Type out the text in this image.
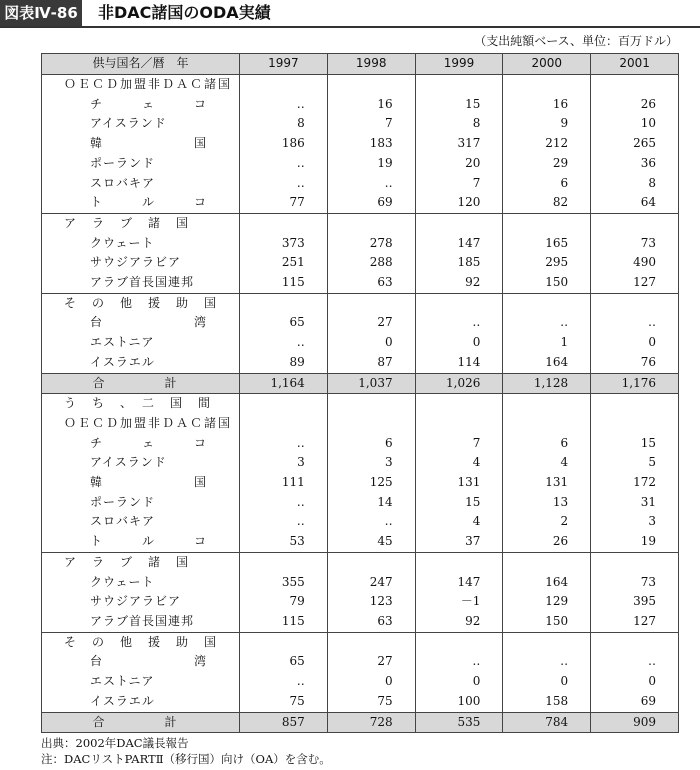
図表Ⅳ-86 非DAC諸国のODA実績
（支出純額ベース、単位：百万ドル）
供与国名／暦　年	1997	1998	1999	2000	2001
ＯＥＣＤ加盟非ＤＡＣ諸国					
チ　　　ェ　　　コ	‥	16	15	16	26
アイスランド	8	7	8	9	10
韓　　　　　　　国	186	183	317	212	265
ポーランド	‥	19	20	29	36
スロバキア	‥	‥	7	6	8
ト　　　ル　　　コ	77	69	120	82	64
ア　ラ　ブ　諸　国					
クウェート	373	278	147	165	73
サウジアラビア	251	288	185	295	490
アラブ首長国連邦	115	63	92	150	127
そ　の　他　援　助　国					
台　　　　　　　湾	65	27	‥	‥	‥
エストニア	‥	0	0	1	0
イスラエル	89	87	114	164	76
合　　計	1,164	1,037	1,026	1,128	1,176
う　ち　、　二　国　間					
ＯＥＣＤ加盟非ＤＡＣ諸国					
チ　　　ェ　　　コ	‥	6	7	6	15
アイスランド	3	3	4	4	5
韓　　　　　　　国	111	125	131	131	172
ポーランド	‥	14	15	13	31
スロバキア	‥	‥	4	2	3
ト　　　ル　　　コ	53	45	37	26	19
ア　ラ　ブ　諸　国					
クウェート	355	247	147	164	73
サウジアラビア	79	123	－1	129	395
アラブ首長国連邦	115	63	92	150	127
そ　の　他　援　助　国					
台　　　　　　　湾	65	27	‥	‥	‥
エストニア	‥	0	0	0	0
イスラエル	75	75	100	158	69
合　　計	857	728	535	784	909
出典：2002年DAC議長報告
注：DACリストPARTⅡ（移行国）向け（OA）を含む。
